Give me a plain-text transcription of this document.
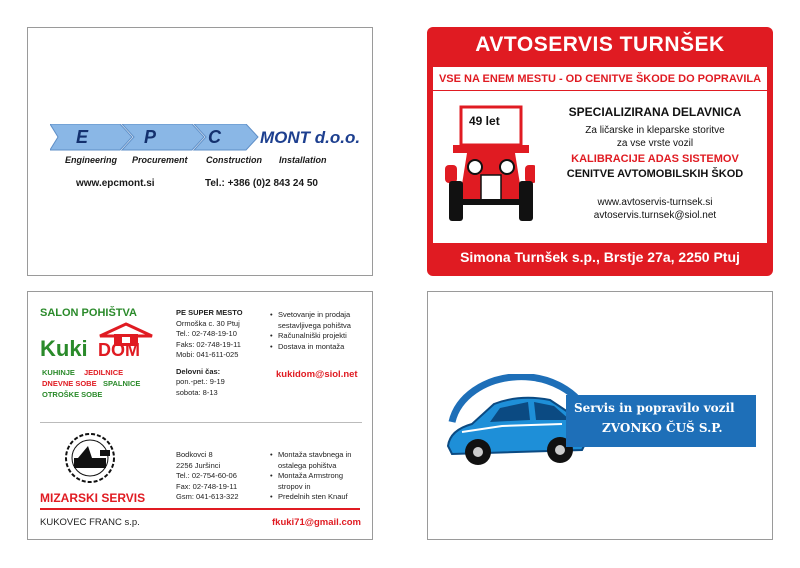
E	P	C MONT d.o.o.
Engineering Procurement Construction Installation
www.epcmont.si	Tel.: +386 (0)2 843 24 50
AVTOSERVIS TURNŠEK
VSE NA ENEM MESTU - OD CENITVE ŠKODE DO POPRAVILA
49 let
SPECIALIZIRANA DELAVNICA
Za ličarske in kleparske storitve
za vse vrste vozil
KALIBRACIJE ADAS SISTEMOV
CENITVE AVTOMOBILSKIH ŠKOD
www.avtoservis-turnsek.si
avtoservis.turnsek@siol.net
Simona Turnšek s.p., Brstje 27a, 2250 Ptuj
SALON POHIŠTVA
Kuki DOM
KUHINJE JEDILNICE
DNEVNE SOBE SPALNICE
OTROŠKE SOBE
PE SUPER MESTO
Ormoška c. 30 Ptuj
Tel.: 02-748-19-10
Faks: 02-748-19-11
Mobi: 041-611-025
Delovni čas:
pon.-pet.: 9-19
sobota: 8-13
• Svetovanje in prodaja sestavljivega pohištva
• Računalniški projekti
• Dostava in montaža
kukidom@siol.net
Bodkovci 8
2256 Juršinci
Tel.: 02-754-60-06
Fax: 02-748-19-11
Gsm: 041-613-322
• Montaža stavbnega in ostalega pohištva
• Montaža Armstrong stropov in
• Predelnih sten Knauf
MIZARSKI SERVIS
KUKOVEC FRANC s.p.	fkuki71@gmail.com
Servis in popravilo vozil
ZVONKO ČUŠ S.P.
